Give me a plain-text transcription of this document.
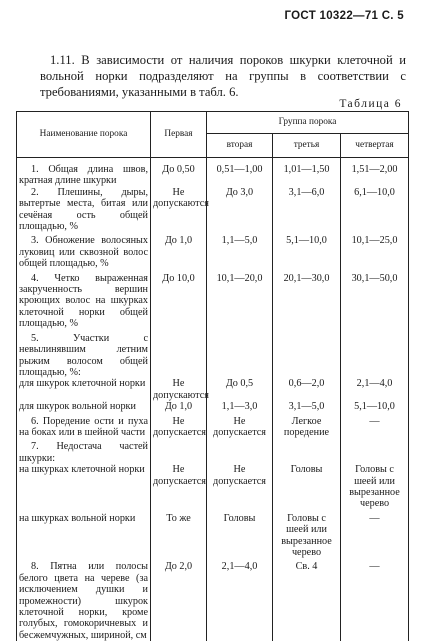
ГОСТ 10322—71 С. 5
1.11. В зависимости от наличия пороков шкурки клеточной и вольной норки подразделяют на группы в соответствии с требованиями, указанными в табл. 6.
Таблица 6
Наименование порока	Первая	Группа порока		
		вторая	третья	четвертая

1. Общая длина швов, кратная длине шкурки	До 0,50	0,51—1,00	1,01—1,50	1,51—2,00

2. Плешины, дыры, вытертые места, битая или сечёная ость общей площадью, %	Не допускаются	До 3,0	3,1—6,0	6,1—10,0

3. Обножение волосяных луковиц или сквозной волос общей площадью, %	До 1,0	1,1—5,0	5,1—10,0	10,1—25,0

4. Четко выраженная закрученность вершин кроющих волос на шкурках клеточной норки общей площадью, %	До 10,0	10,1—20,0	20,1—30,0	30,1—50,0

5. Участки с невылинявшим летним рыжим волосом общей площадью, %:				

для шкурок клеточной норки	Не допускаются	До 0,5	0,6—2,0	2,1—4,0
для шкурок вольной норки	До 1,0	1,1—3,0	3,1—5,0	5,1—10,0

6. Поредение ости и пуха на боках или в шейной части	Не допускается	Не допускается	Легкое поредение	—

7. Недостача частей шкурки:				

на шкурках клеточной норки	Не допускается	Не допускается	Головы	Головы с шеей или вырезанное черево
на шкурках вольной норки	То же	Головы	Головы с шеей или вырезанное черево	—

8. Пятна или полосы белого цвета на череве (за исключением душки и промежности) шкурок клеточной норки, кроме голубых, гомокоричневых и бесжемчужных, шириной, см	До 2,0	2,1—4,0	Св. 4	—
